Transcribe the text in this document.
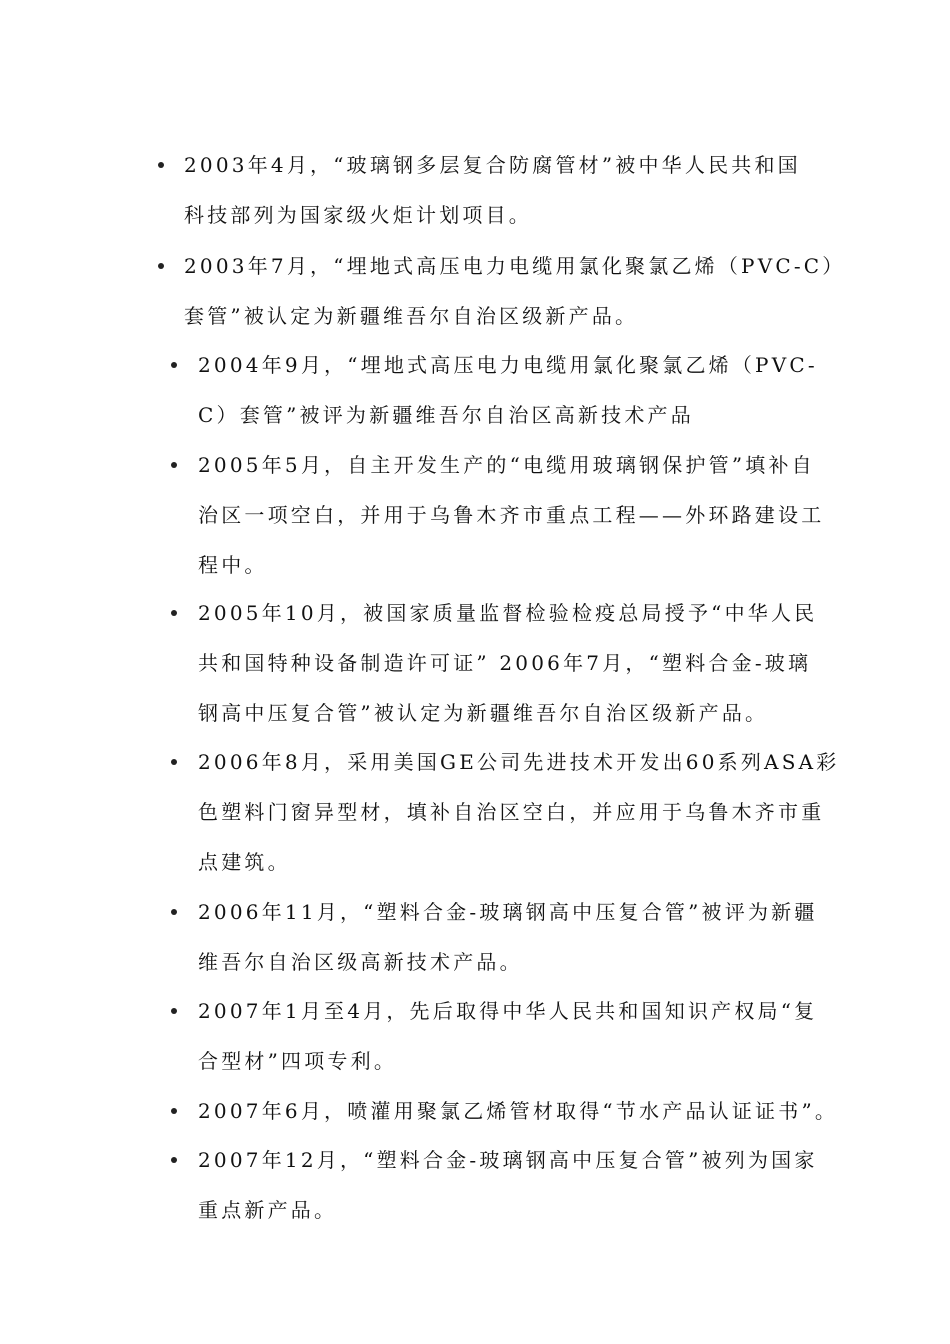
2003年4月，“玻璃钢多层复合防腐管材”被中华人民共和国
科技部列为国家级火炬计划项目。
2003年7月，“埋地式高压电力电缆用氯化聚氯乙烯（PVC-C）
套管”被认定为新疆维吾尔自治区级新产品。
2004年9月，“埋地式高压电力电缆用氯化聚氯乙烯（PVC-
C）套管”被评为新疆维吾尔自治区高新技术产品
2005年5月，自主开发生产的“电缆用玻璃钢保护管”填补自
治区一项空白，并用于乌鲁木齐市重点工程——外环路建设工
程中。
2005年10月，被国家质量监督检验检疫总局授予“中华人民
共和国特种设备制造许可证” 2006年7月，“塑料合金-玻璃
钢高中压复合管”被认定为新疆维吾尔自治区级新产品。
2006年8月，采用美国GE公司先进技术开发出60系列ASA彩
色塑料门窗异型材，填补自治区空白，并应用于乌鲁木齐市重
点建筑。
2006年11月，“塑料合金-玻璃钢高中压复合管”被评为新疆
维吾尔自治区级高新技术产品。
2007年1月至4月，先后取得中华人民共和国知识产权局“复
合型材”四项专利。
2007年6月，喷灌用聚氯乙烯管材取得“节水产品认证证书”。
2007年12月，“塑料合金-玻璃钢高中压复合管”被列为国家
重点新产品。
